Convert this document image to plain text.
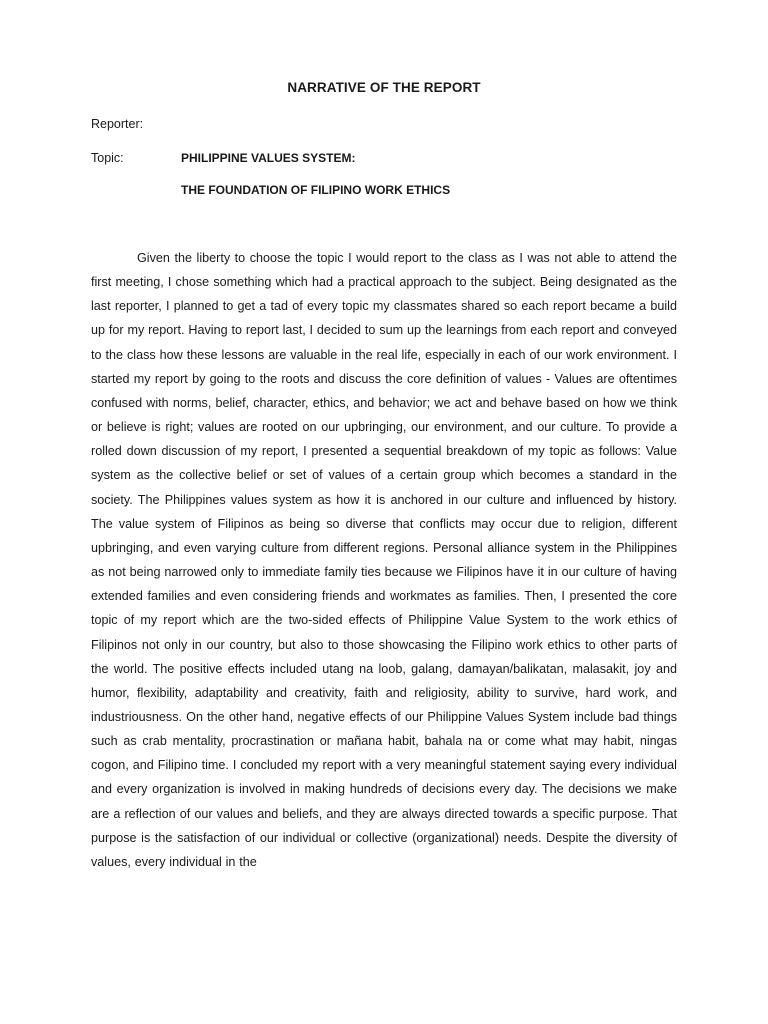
NARRATIVE OF THE REPORT
Reporter:
Topic:	PHILIPPINE VALUES SYSTEM:
THE FOUNDATION OF FILIPINO WORK ETHICS

Given the liberty to choose the topic I would report to the class as I was not able to attend the first meeting, I chose something which had a practical approach to the subject. Being designated as the last reporter, I planned to get a tad of every topic my classmates shared so each report became a build up for my report. Having to report last, I decided to sum up the learnings from each report and conveyed to the class how these lessons are valuable in the real life, especially in each of our work environment. I started my report by going to the roots and discuss the core definition of values - Values are oftentimes confused with norms, belief, character, ethics, and behavior; we act and behave based on how we think or believe is right; values are rooted on our upbringing, our environment, and our culture. To provide a rolled down discussion of my report, I presented a sequential breakdown of my topic as follows: Value system as the collective belief or set of values of a certain group which becomes a standard in the society. The Philippines values system as how it is anchored in our culture and influenced by history. The value system of Filipinos as being so diverse that conflicts may occur due to religion, different upbringing, and even varying culture from different regions. Personal alliance system in the Philippines as not being narrowed only to immediate family ties because we Filipinos have it in our culture of having extended families and even considering friends and workmates as families. Then, I presented the core topic of my report which are the two-sided effects of Philippine Value System to the work ethics of Filipinos not only in our country, but also to those showcasing the Filipino work ethics to other parts of the world. The positive effects included utang na loob, galang, damayan/balikatan, malasakit, joy and humor, flexibility, adaptability and creativity, faith and religiosity, ability to survive, hard work, and industriousness. On the other hand, negative effects of our Philippine Values System include bad things such as crab mentality, procrastination or mañana habit, bahala na or come what may habit, ningas cogon, and Filipino time. I concluded my report with a very meaningful statement saying every individual and every organization is involved in making hundreds of decisions every day. The decisions we make are a reflection of our values and beliefs, and they are always directed towards a specific purpose. That purpose is the satisfaction of our individual or collective (organizational) needs. Despite the diversity of values, every individual in the
